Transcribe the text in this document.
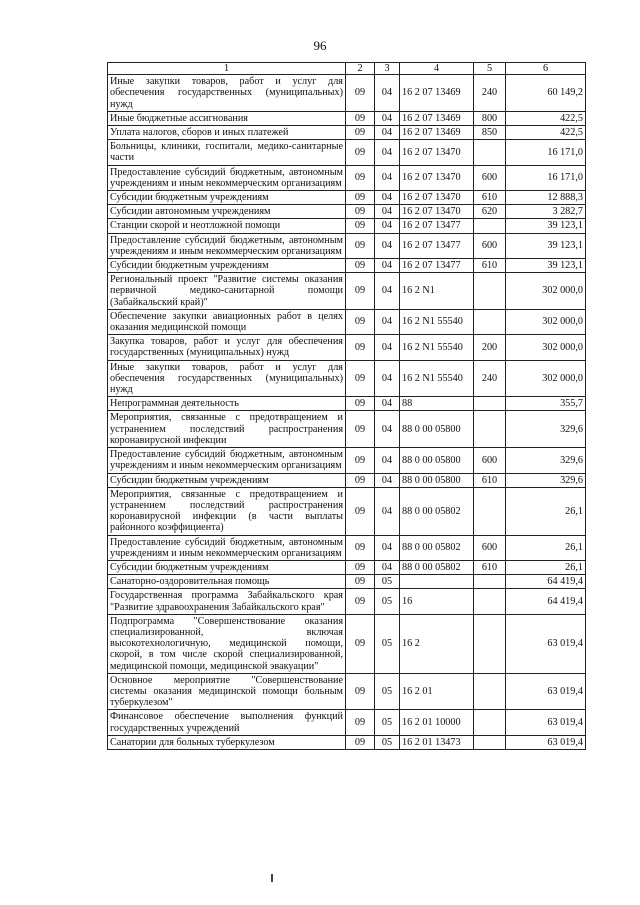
96
1	2	3	4	5	6
Иные закупки товаров, работ и услуг для обеспечения государственных (муниципальных) нужд	09	04	16 2 07 13469	240	60 149,2
Иные бюджетные ассигнования	09	04	16 2 07 13469	800	422,5
Уплата налогов, сборов и иных платежей	09	04	16 2 07 13469	850	422,5
Больницы, клиники, госпитали, медико-санитарные части	09	04	16 2 07 13470		16 171,0
Предоставление субсидий бюджетным, автономным учреждениям и иным некоммерческим организациям	09	04	16 2 07 13470	600	16 171,0
Субсидии бюджетным учреждениям	09	04	16 2 07 13470	610	12 888,3
Субсидии автономным учреждениям	09	04	16 2 07 13470	620	3 282,7
Станции скорой и неотложной помощи	09	04	16 2 07 13477		39 123,1
Предоставление субсидий бюджетным, автономным учреждениям и иным некоммерческим организациям	09	04	16 2 07 13477	600	39 123,1
Субсидии бюджетным учреждениям	09	04	16 2 07 13477	610	39 123,1
Региональный проект "Развитие системы оказания первичной медико-санитарной помощи (Забайкальский край)"	09	04	16 2 N1		302 000,0
Обеспечение закупки авиационных работ в целях оказания медицинской помощи	09	04	16 2 N1 55540		302 000,0
Закупка товаров, работ и услуг для обеспечения государственных (муниципальных) нужд	09	04	16 2 N1 55540	200	302 000,0
Иные закупки товаров, работ и услуг для обеспечения государственных (муниципальных) нужд	09	04	16 2 N1 55540	240	302 000,0
Непрограммная деятельность	09	04	88		355,7
Мероприятия, связанные с предотвращением и устранением последствий распространения коронавирусной инфекции	09	04	88 0 00 05800		329,6
Предоставление субсидий бюджетным, автономным учреждениям и иным некоммерческим организациям	09	04	88 0 00 05800	600	329,6
Субсидии бюджетным учреждениям	09	04	88 0 00 05800	610	329,6
Мероприятия, связанные с предотвращением и устранением последствий распространения коронавирусной инфекции (в части выплаты районного коэффициента)	09	04	88 0 00 05802		26,1
Предоставление субсидий бюджетным, автономным учреждениям и иным некоммерческим организациям	09	04	88 0 00 05802	600	26,1
Субсидии бюджетным учреждениям	09	04	88 0 00 05802	610	26,1
Санаторно-оздоровительная помощь	09	05			64 419,4
Государственная программа Забайкальского края "Развитие здравоохранения Забайкальского края"	09	05	16		64 419,4
Подпрограмма "Совершенствование оказания специализированной, включая высокотехнологичную, медицинской помощи, скорой, в том числе скорой специализированной, медицинской помощи, медицинской эвакуации"	09	05	16 2		63 019,4
Основное мероприятие "Совершенствование системы оказания медицинской помощи больным туберкулезом"	09	05	16 2 01		63 019,4
Финансовое обеспечение выполнения функций государственных учреждений	09	05	16 2 01 10000		63 019,4
Санатории для больных туберкулезом	09	05	16 2 01 13473		63 019,4
